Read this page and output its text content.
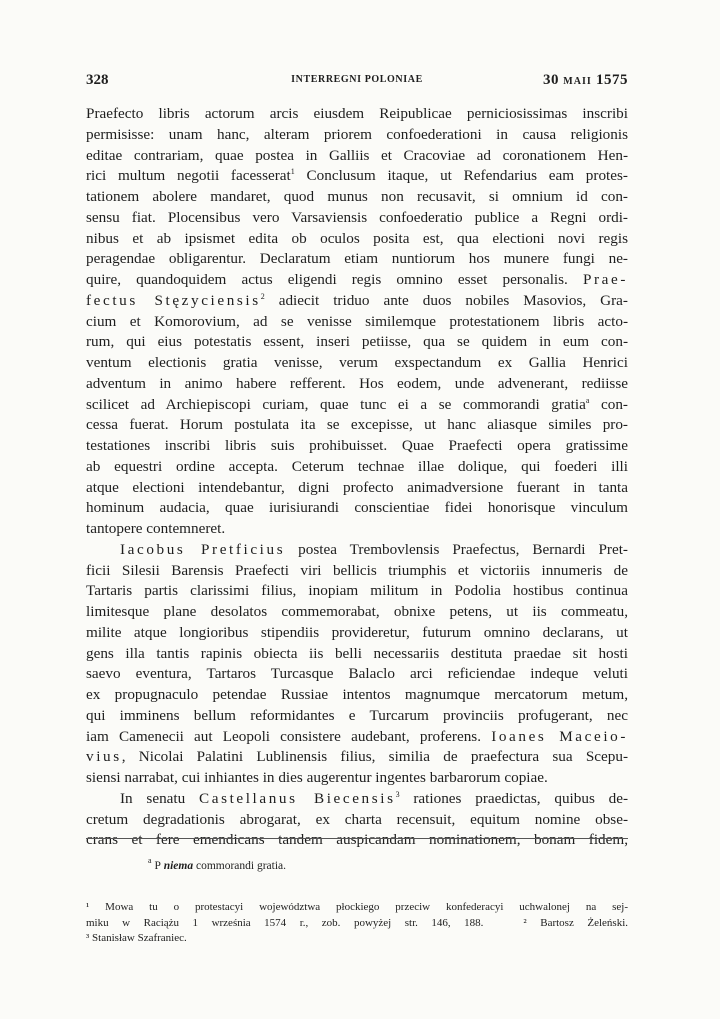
328	INTERREGNI POLONIAE	30 MAII 1575
Praefecto libris actorum arcis eiusdem Reipublicae perniciosissimas inscribi
permisisse: unam hanc, alteram priorem confoederationi in causa religionis
editae contrariam, quae postea in Galliis et Cracoviae ad coronationem Hen-
rici multum negotii facesserat$^1$ Conclusum itaque, ut Refendarius eam protes-
tationem abolere mandaret, quod munus non recusavit, si omnium id con-
sensu fiat. Plocensibus vero Varsaviensis confoederatio publice a Regni ordi-
nibus et ab ipsismet edita ob oculos posita est, qua electioni novi regis
peragendae obligarentur. Declaratum etiam nuntiorum hos munere fungi ne-
quire, quandoquidem actus eligendi regis omnino esset personalis. Prae-
fectus Stęzyciensis$^2$ adiecit triduo ante duos nobiles Masovios, Gra-
cium et Komorovium, ad se venisse similemque protestationem libris acto-
rum, qui eius potestatis essent, inseri petiisse, qua se quidem in eum con-
ventum electionis gratia venisse, verum exspectandum ex Gallia Henrici
adventum in animo habere refferent. Hos eodem, unde advenerant, rediisse
scilicet ad Archiepiscopi curiam, quae tunc ei a se commorandi gratia$^a$ con-
cessa fuerat. Horum postulata ita se excepisse, ut hanc aliasque similes pro-
testationes inscribi libris suis prohibuisset. Quae Praefecti opera gratissime
ab equestri ordine accepta. Ceterum technae illae dolique, qui foederi illi
atque electioni intendebantur, digni profecto animadversione fuerant in tanta
hominum audacia, quae iurisiurandi conscientiae fidei honorisque vinculum
tantopere contemneret.
Iacobus Pretficius postea Trembovlensis Praefectus, Bernardi Pret-
ficii Silesii Barensis Praefecti viri bellicis triumphis et victoriis innumeris de
Tartaris partis clarissimi filius, inopiam militum in Podolia hostibus continua
limitesque plane desolatos commemorabat, obnixe petens, ut iis commeatu,
milite atque longioribus stipendiis provideretur, futurum omnino declarans, ut
gens illa tantis rapinis obiecta iis belli necessariis destituta praedae sit hosti
saevo eventura, Tartaros Turcasque Balaclo arci reficiendae indeque veluti
ex propugnaculo petendae Russiae intentos magnumque mercatorum metum,
qui imminens bellum reformidantes e Turcarum provinciis profugerant, nec
iam Camenecii aut Leopoli consistere audebant, proferens. Ioanes Maceio-
vius, Nicolai Palatini Lublinensis filius, similia de praefectura sua Scepu-
siensi narrabat, cui inhiantes in dies augerentur ingentes barbarorum copiae.
In senatu Castellanus Biecensis$^3$ rationes praedictas, quibus de-
cretum degradationis abrogarat, ex charta recensuit, equitum nomine obse-
crans et fere emendicans tandem auspicandam nominationem, bonam fidem,
$^a$ P niema commorandi gratia.
¹ Mowa tu o protestacyi województwa płockiego przeciw konfederacyi uchwalonej na sej-
miku w Raciążu 1 września 1574 r., zob. powyżej str. 146, 188.	² Bartosz Żeleński.
³ Stanisław Szafraniec.
